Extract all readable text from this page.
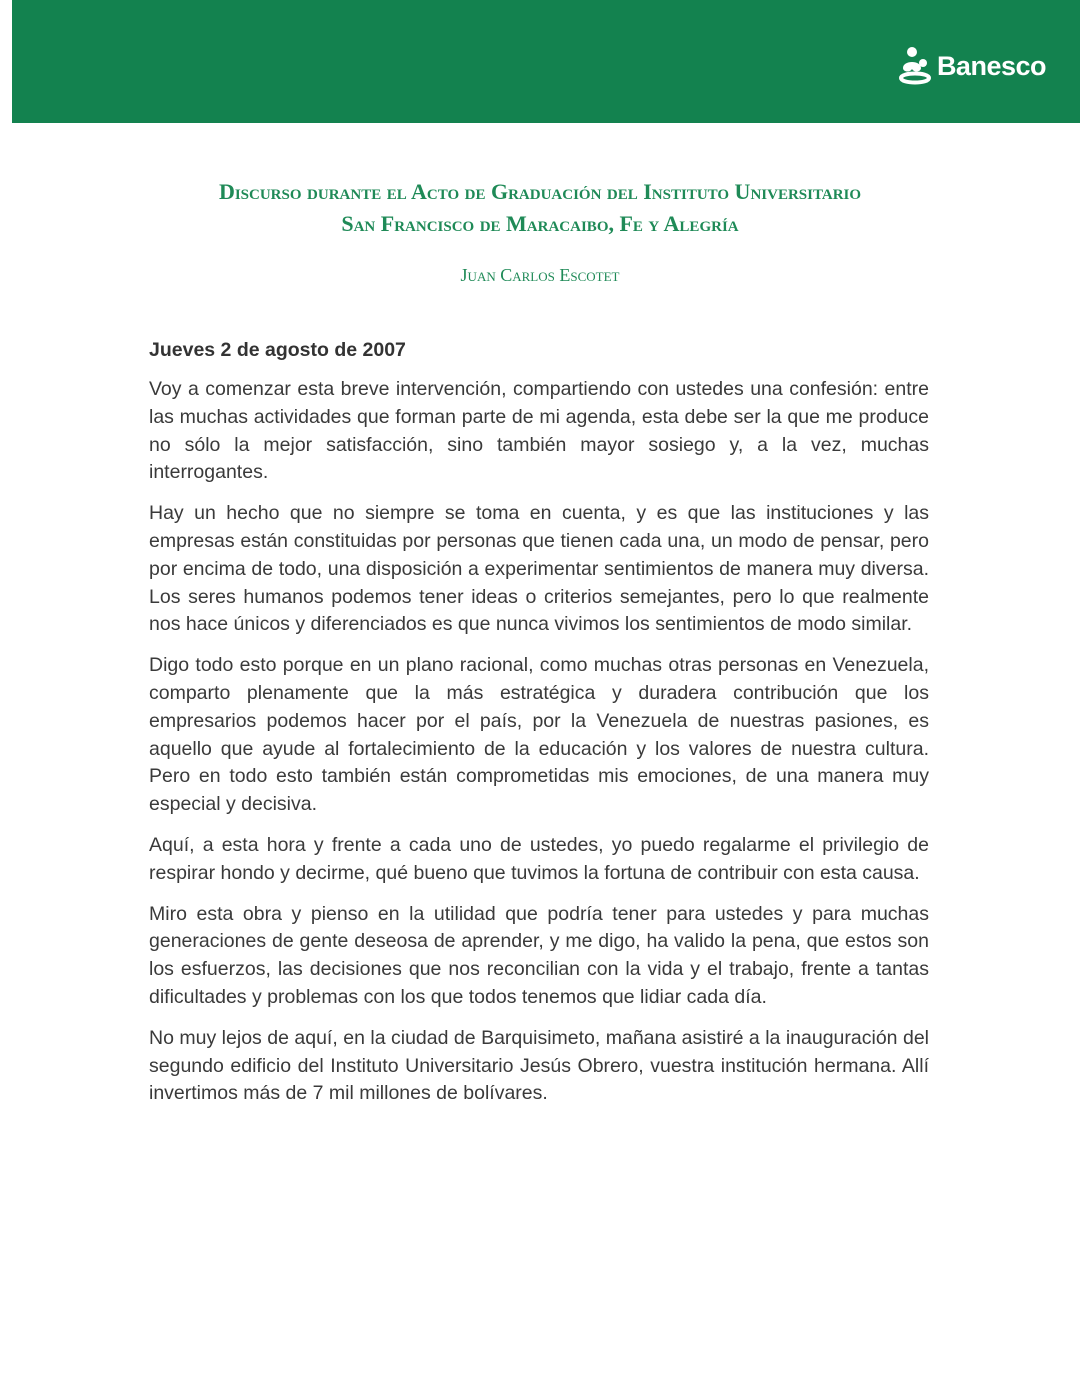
Banesco

Discurso durante el Acto de Graduación del Instituto Universitario

San Francisco de Maracaibo, Fe y Alegría

Juan Carlos Escotet

Jueves 2 de agosto de 2007

Voy a comenzar esta breve intervención, compartiendo con ustedes una confesión: entre las muchas actividades que forman parte de mi agenda, esta debe ser la que me produce no sólo la mejor satisfacción, sino también mayor sosiego y, a la vez, muchas interrogantes.

Hay un hecho que no siempre se toma en cuenta, y es que las instituciones y las empresas están constituidas por personas que tienen cada una, un modo de pensar, pero por encima de todo, una disposición a experimentar sentimientos de manera muy diversa. Los seres humanos podemos tener ideas o criterios semejantes, pero lo que realmente nos hace únicos y diferenciados es que nunca vivimos los sentimientos de modo similar.

Digo todo esto porque en un plano racional, como muchas otras personas en Venezuela, comparto plenamente que la más estratégica y duradera contribución que los empresarios podemos hacer por el país, por la Venezuela de nuestras pasiones, es aquello que ayude al fortalecimiento de la educación y los valores de nuestra cultura. Pero en todo esto también están comprometidas mis emociones, de una manera muy especial y decisiva.

Aquí, a esta hora y frente a cada uno de ustedes, yo puedo regalarme el privilegio de respirar hondo y decirme, qué bueno que tuvimos la fortuna de contribuir con esta causa.

Miro esta obra y pienso en la utilidad que podría tener para ustedes y para muchas generaciones de gente deseosa de aprender, y me digo, ha valido la pena, que estos son los esfuerzos, las decisiones que nos reconcilian con la vida y el trabajo, frente a tantas dificultades y problemas con los que todos tenemos que lidiar cada día.

No muy lejos de aquí, en la ciudad de Barquisimeto, mañana asistiré a la inauguración del segundo edificio del Instituto Universitario Jesús Obrero, vuestra institución hermana. Allí invertimos más de 7 mil millones de bolívares.
